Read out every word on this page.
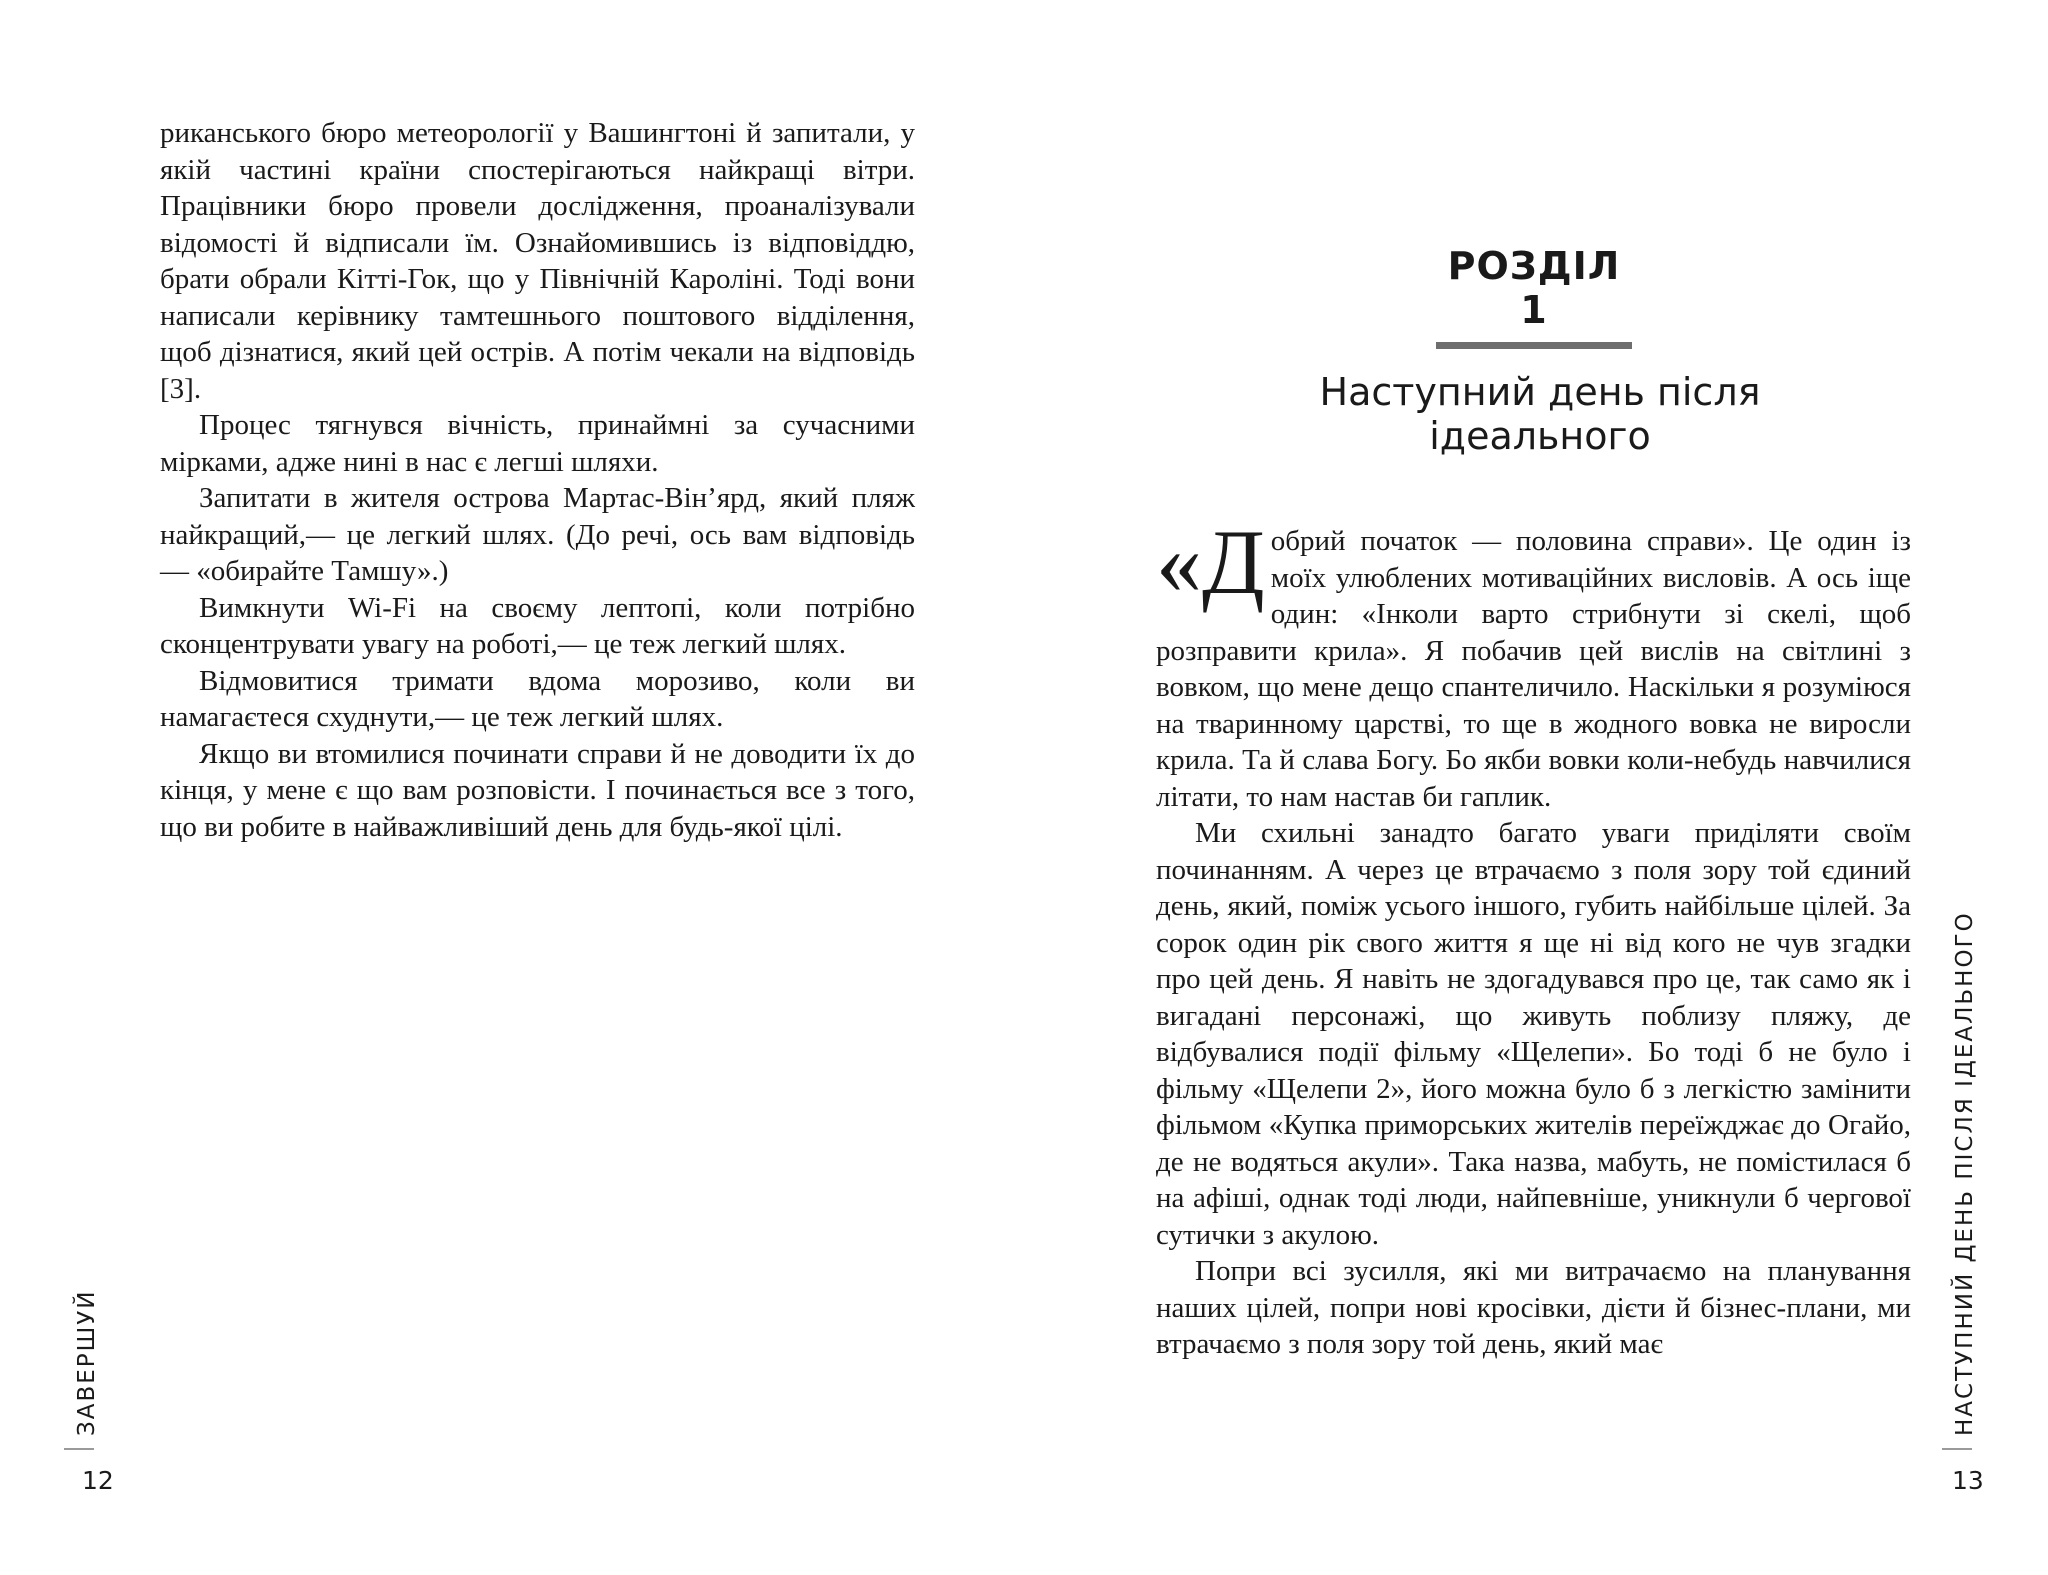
риканського бюро метеорології у Вашингтоні й запитали, у якій частині країни спостерігаються найкращі вітри. Працівники бюро провели дослідження, проаналізували відомості й відписали їм. Ознайомившись із відповіддю, брати обрали Кітті-Гок, що у Північній Кароліні. Тоді вони написали керівнику тамтешнього поштового відділення, щоб дізнатися, який цей острів. А потім чекали на відповідь [3].

Процес тягнувся вічність, принаймні за сучасними мірками, адже нині в нас є легші шляхи.

Запитати в жителя острова Мартас-Він’ярд, який пляж найкращий,— це легкий шлях. (До речі, ось вам відповідь — «обирайте Тамшу».)

Вимкнути Wi-Fi на своєму лептопі, коли потрібно сконцентрувати увагу на роботі,— це теж легкий шлях.

Відмовитися тримати вдома морозиво, коли ви намагаєтеся схуднути,— це теж легкий шлях.

Якщо ви втомилися починати справи й не доводити їх до кінця, у мене є що вам розповісти. І починається все з того, що ви робите в найважливіший день для будь-якої цілі.

ЗАВЕРШУЙ
12
РОЗДІЛ 1
Наступний день після ідеального

«Добрий початок — половина справи». Це один із моїх улюблених мотиваційних висловів. А ось іще один: «Інколи варто стрибнути зі скелі, щоб розправити крила». Я побачив цей вислів на світлині з вовком, що мене дещо спантеличило. Наскільки я розуміюся на тваринному царстві, то ще в жодного вовка не виросли крила. Та й слава Богу. Бо якби вовки коли-небудь навчилися літати, то нам настав би гаплик.

Ми схильні занадто багато уваги приділяти своїм починанням. А через це втрачаємо з поля зору той єдиний день, який, поміж усього іншого, губить найбільше цілей. За сорок один рік свого життя я ще ні від кого не чув згадки про цей день. Я навіть не здогадувався про це, так само як і вигадані персонажі, що живуть поблизу пляжу, де відбувалися події фільму «Щелепи». Бо тоді б не було і фільму «Щелепи 2», його можна було б з легкістю замінити фільмом «Купка приморських жителів переїжджає до Огайо, де не водяться акули». Така назва, мабуть, не помістилася б на афіші, однак тоді люди, найпевніше, уникнули б чергової сутички з акулою.

Попри всі зусилля, які ми витрачаємо на планування наших цілей, попри нові кросівки, дієти й бізнес-плани, ми втрачаємо з поля зору той день, який має	НАСТУПНИЙ ДЕНЬ ПІСЛЯ ІДЕАЛЬНОГО
13
